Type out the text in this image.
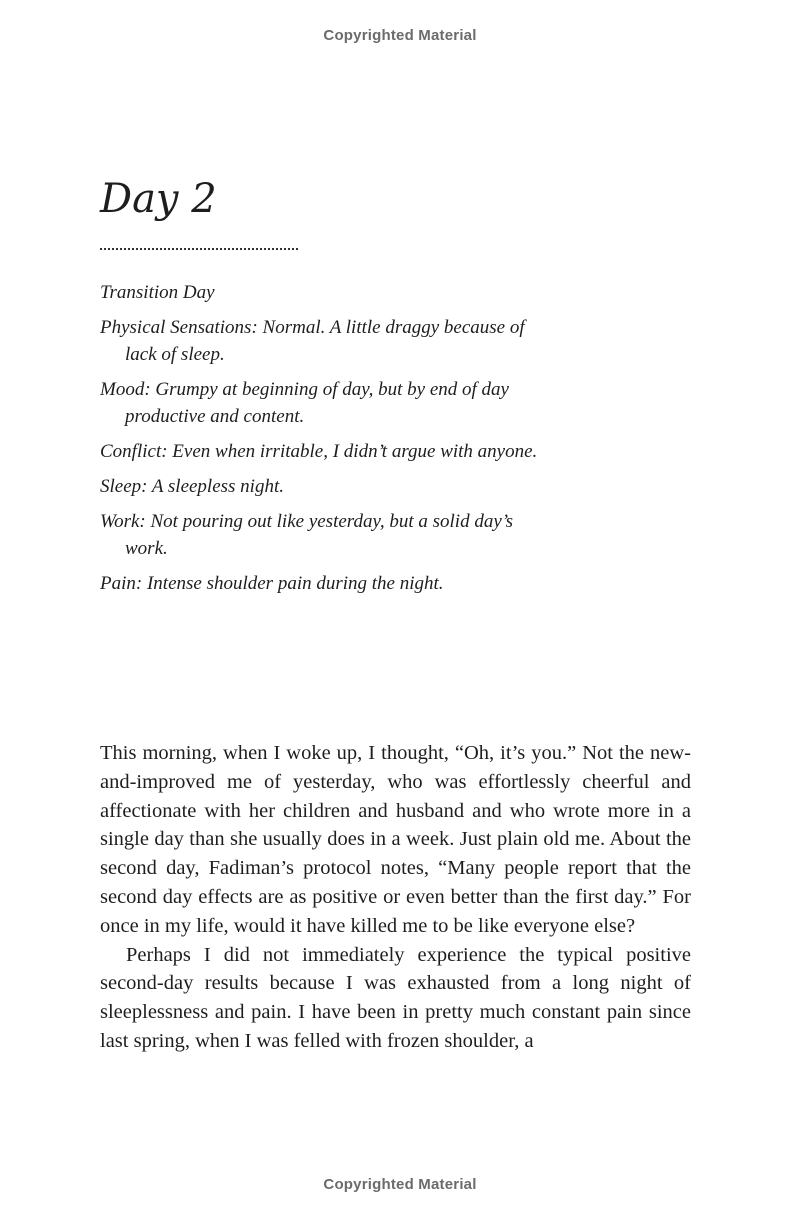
Copyrighted Material
Day 2
Transition Day
Physical Sensations: Normal. A little draggy because of lack of sleep.
Mood: Grumpy at beginning of day, but by end of day productive and content.
Conflict: Even when irritable, I didn’t argue with anyone.
Sleep: A sleepless night.
Work: Not pouring out like yesterday, but a solid day’s work.
Pain: Intense shoulder pain during the night.

This morning, when I woke up, I thought, “Oh, it’s you.” Not the new-and-improved me of yesterday, who was effortlessly cheerful and affectionate with her children and husband and who wrote more in a single day than she usually does in a week. Just plain old me. About the second day, Fadiman’s protocol notes, “Many people report that the second day effects are as positive or even better than the first day.” For once in my life, would it have killed me to be like everyone else?

Perhaps I did not immediately experience the typical positive second-day results because I was exhausted from a long night of sleeplessness and pain. I have been in pretty much constant pain since last spring, when I was felled with frozen shoulder, a

Copyrighted Material
